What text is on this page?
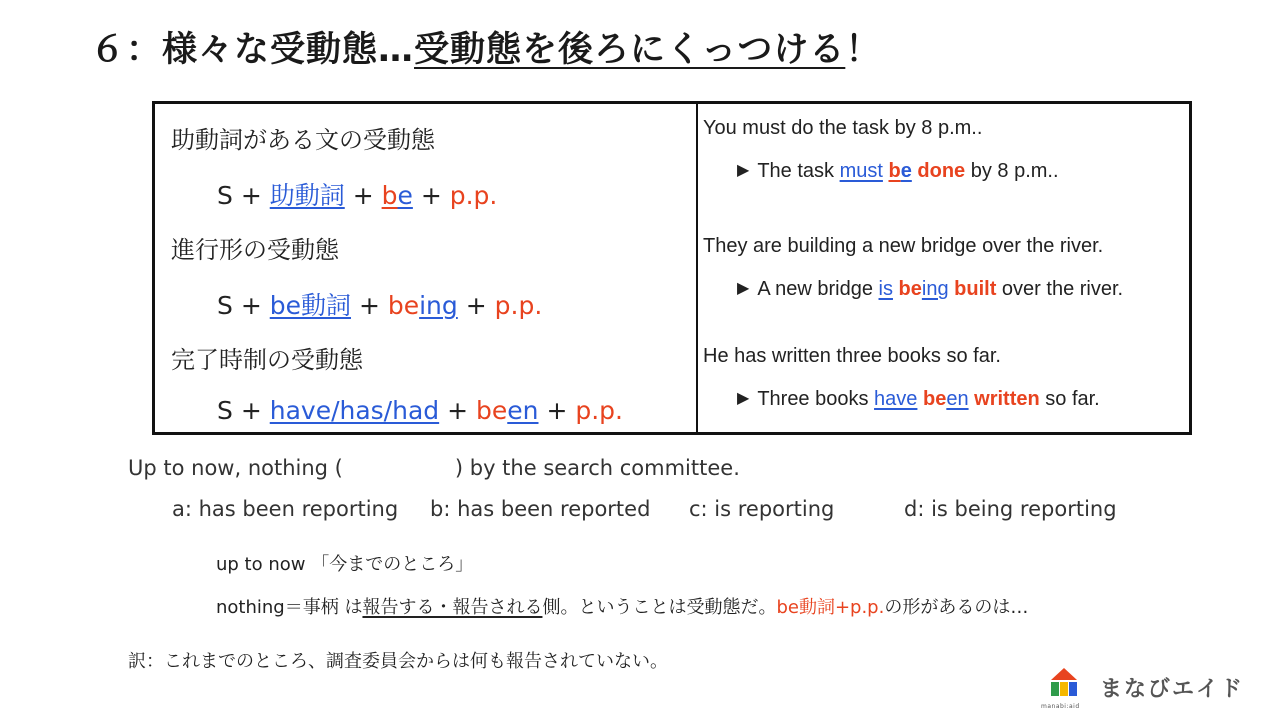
６：様々な受動態…受動態を後ろにくっつける！
助動詞がある文の受動態
S + 助動詞 + be + p.p.
進行形の受動態
S + be動詞 + being + p.p.
完了時制の受動態
S + have/has/had + been + p.p.
You must do the task by 8 p.m..
▶ The task must be done by 8 p.m..
They are building a new bridge over the river.
▶ A new bridge is being built over the river.
He has written three books so far.
▶ Three books have been written so far.
Up to now, nothing (	) by the search committee.
a: has been reporting b: has been reported c: is reporting	d: is being reporting
up to now 「今までのところ」
nothing＝事柄 は報告する・報告される側。ということは受動態だ。be動詞+p.p.の形があるのは…
訳：これまでのところ、調査委員会からは何も報告されていない。
manabi:aid
まなびエイド
